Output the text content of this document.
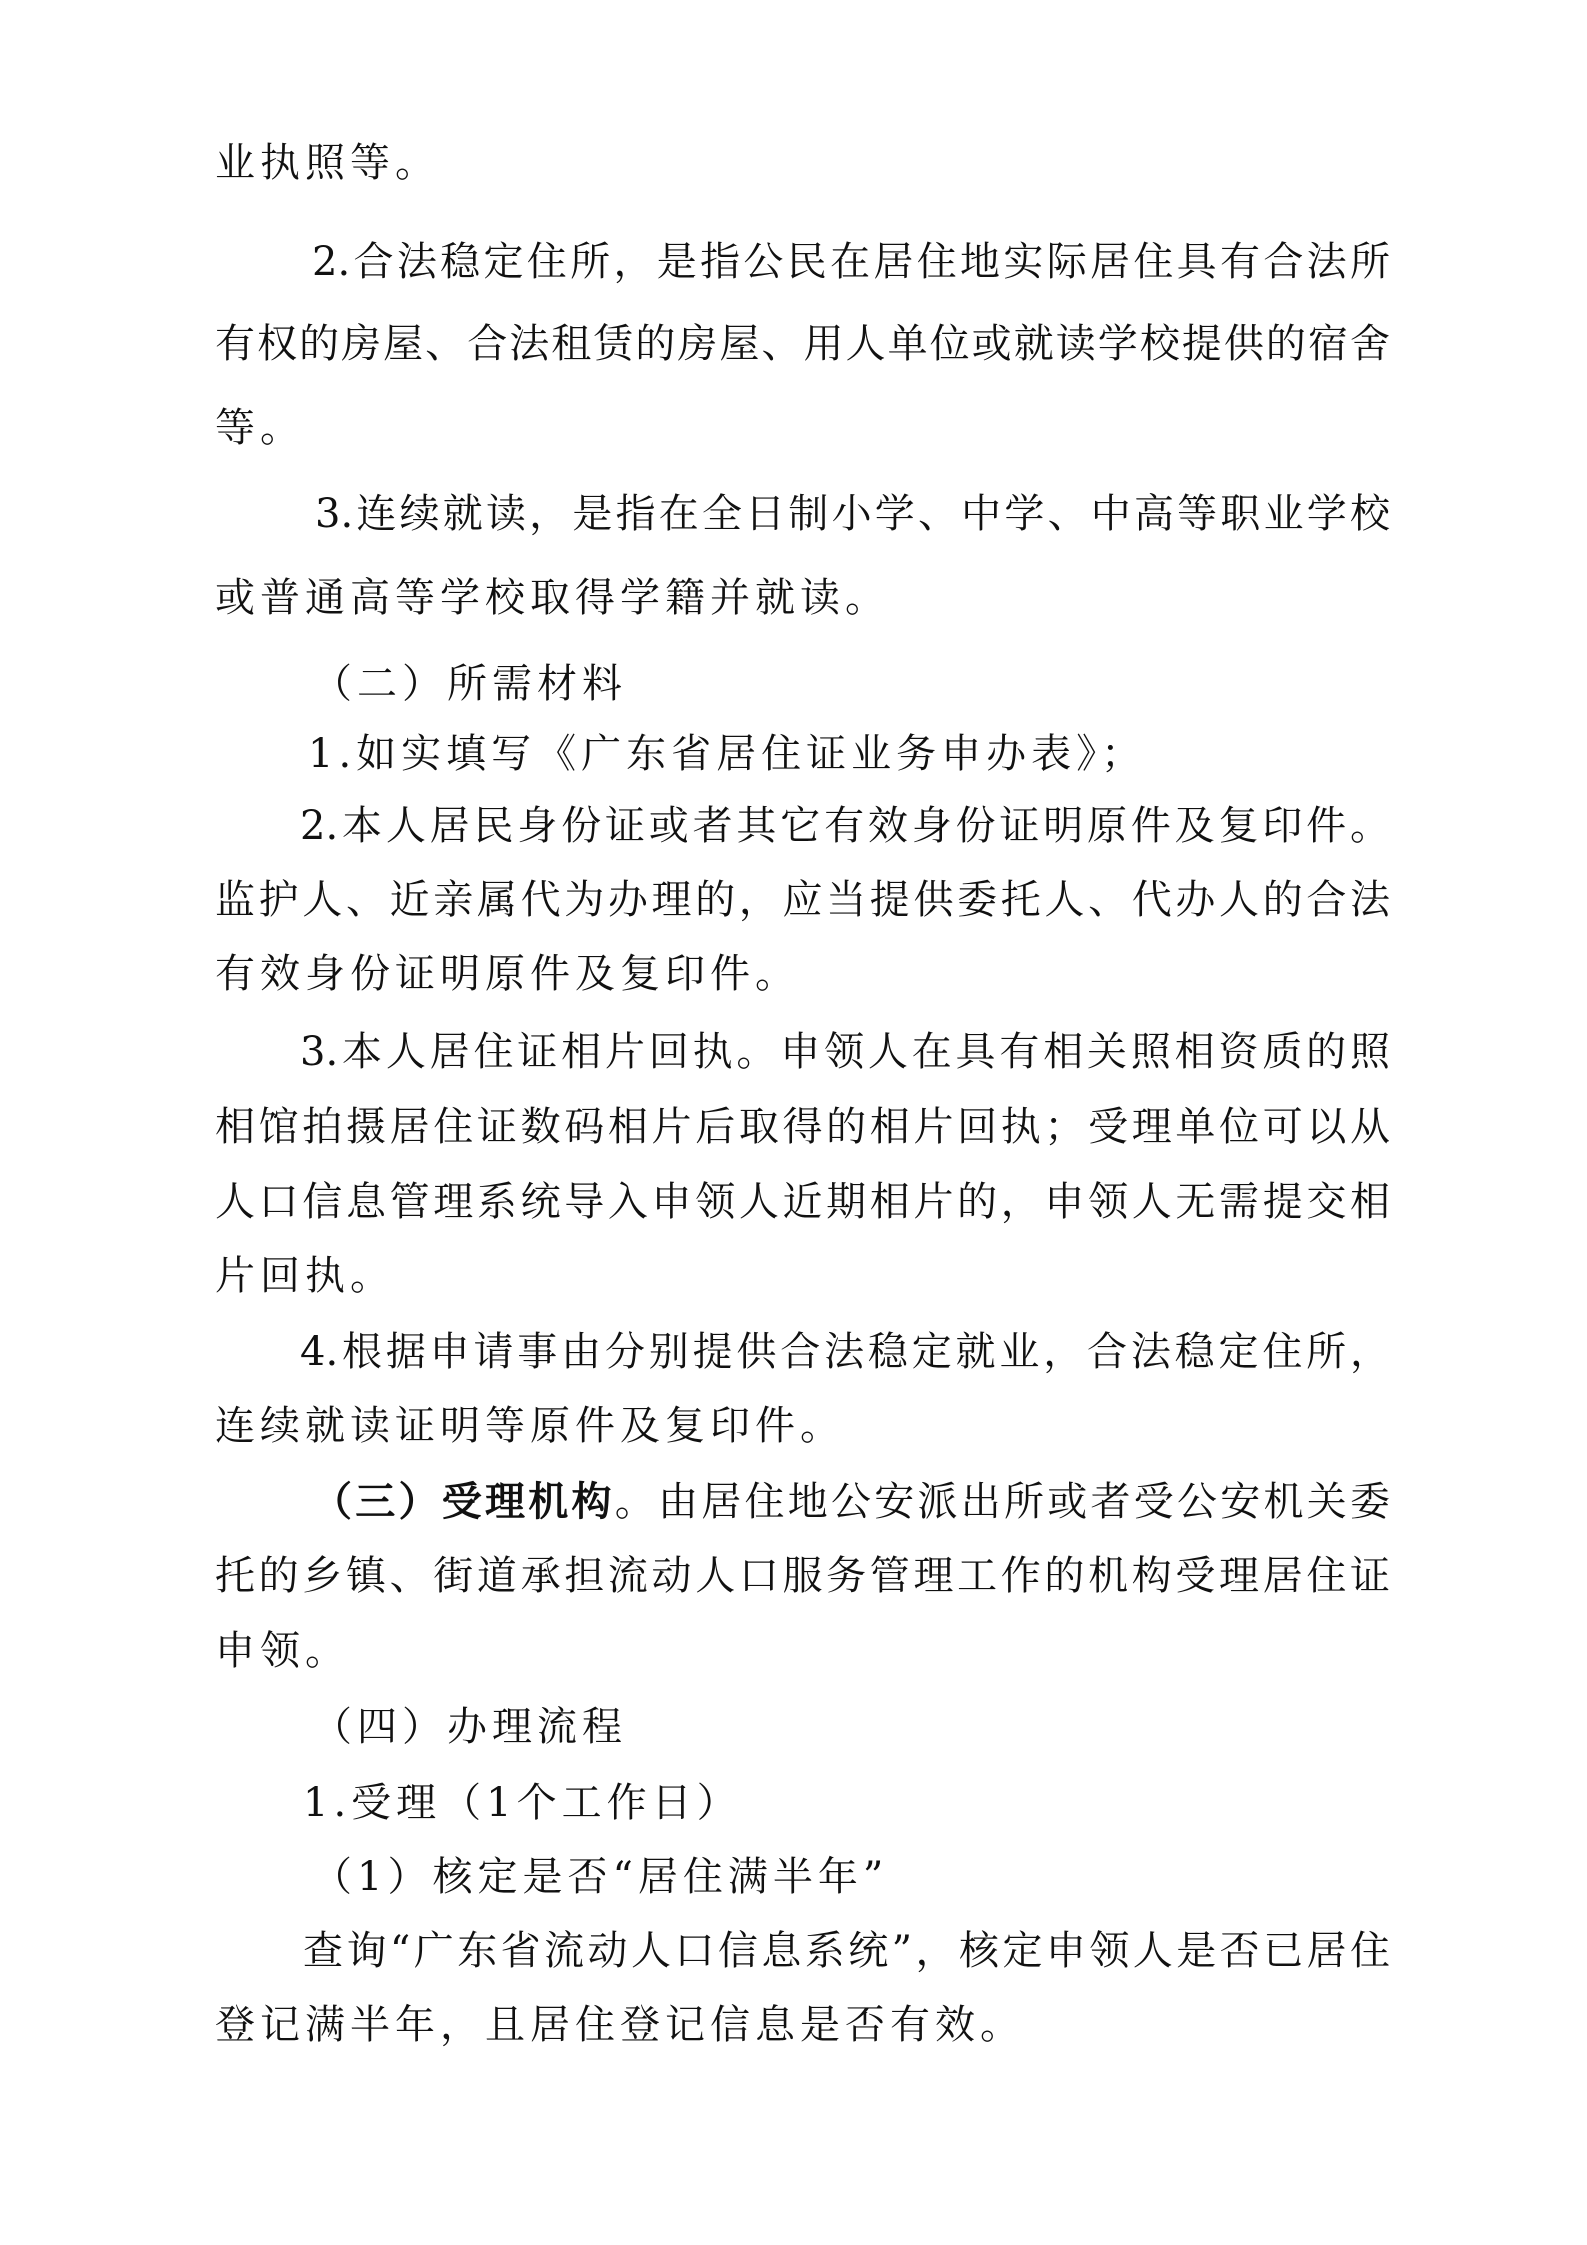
业执照等。
2.合法稳定住所，是指公民在居住地实际居住具有合法所
有权的房屋、合法租赁的房屋、用人单位或就读学校提供的宿舍
等。
3.连续就读，是指在全日制小学、中学、中高等职业学校
或普通高等学校取得学籍并就读。
（二）所需材料
1.如实填写《广东省居住证业务申办表》；
2.本人居民身份证或者其它有效身份证明原件及复印件。
监护人、近亲属代为办理的，应当提供委托人、代办人的合法
有效身份证明原件及复印件。
3.本人居住证相片回执。申领人在具有相关照相资质的照
相馆拍摄居住证数码相片后取得的相片回执；受理单位可以从
人口信息管理系统导入申领人近期相片的，申领人无需提交相
片回执。
4.根据申请事由分别提供合法稳定就业，合法稳定住所，
连续就读证明等原件及复印件。
（三）受理机构。由居住地公安派出所或者受公安机关委
托的乡镇、街道承担流动人口服务管理工作的机构受理居住证
申领。
（四）办理流程
1.受理（1个工作日）
（1）核定是否“居住满半年”
查询“广东省流动人口信息系统”，核定申领人是否已居住
登记满半年，且居住登记信息是否有效。
